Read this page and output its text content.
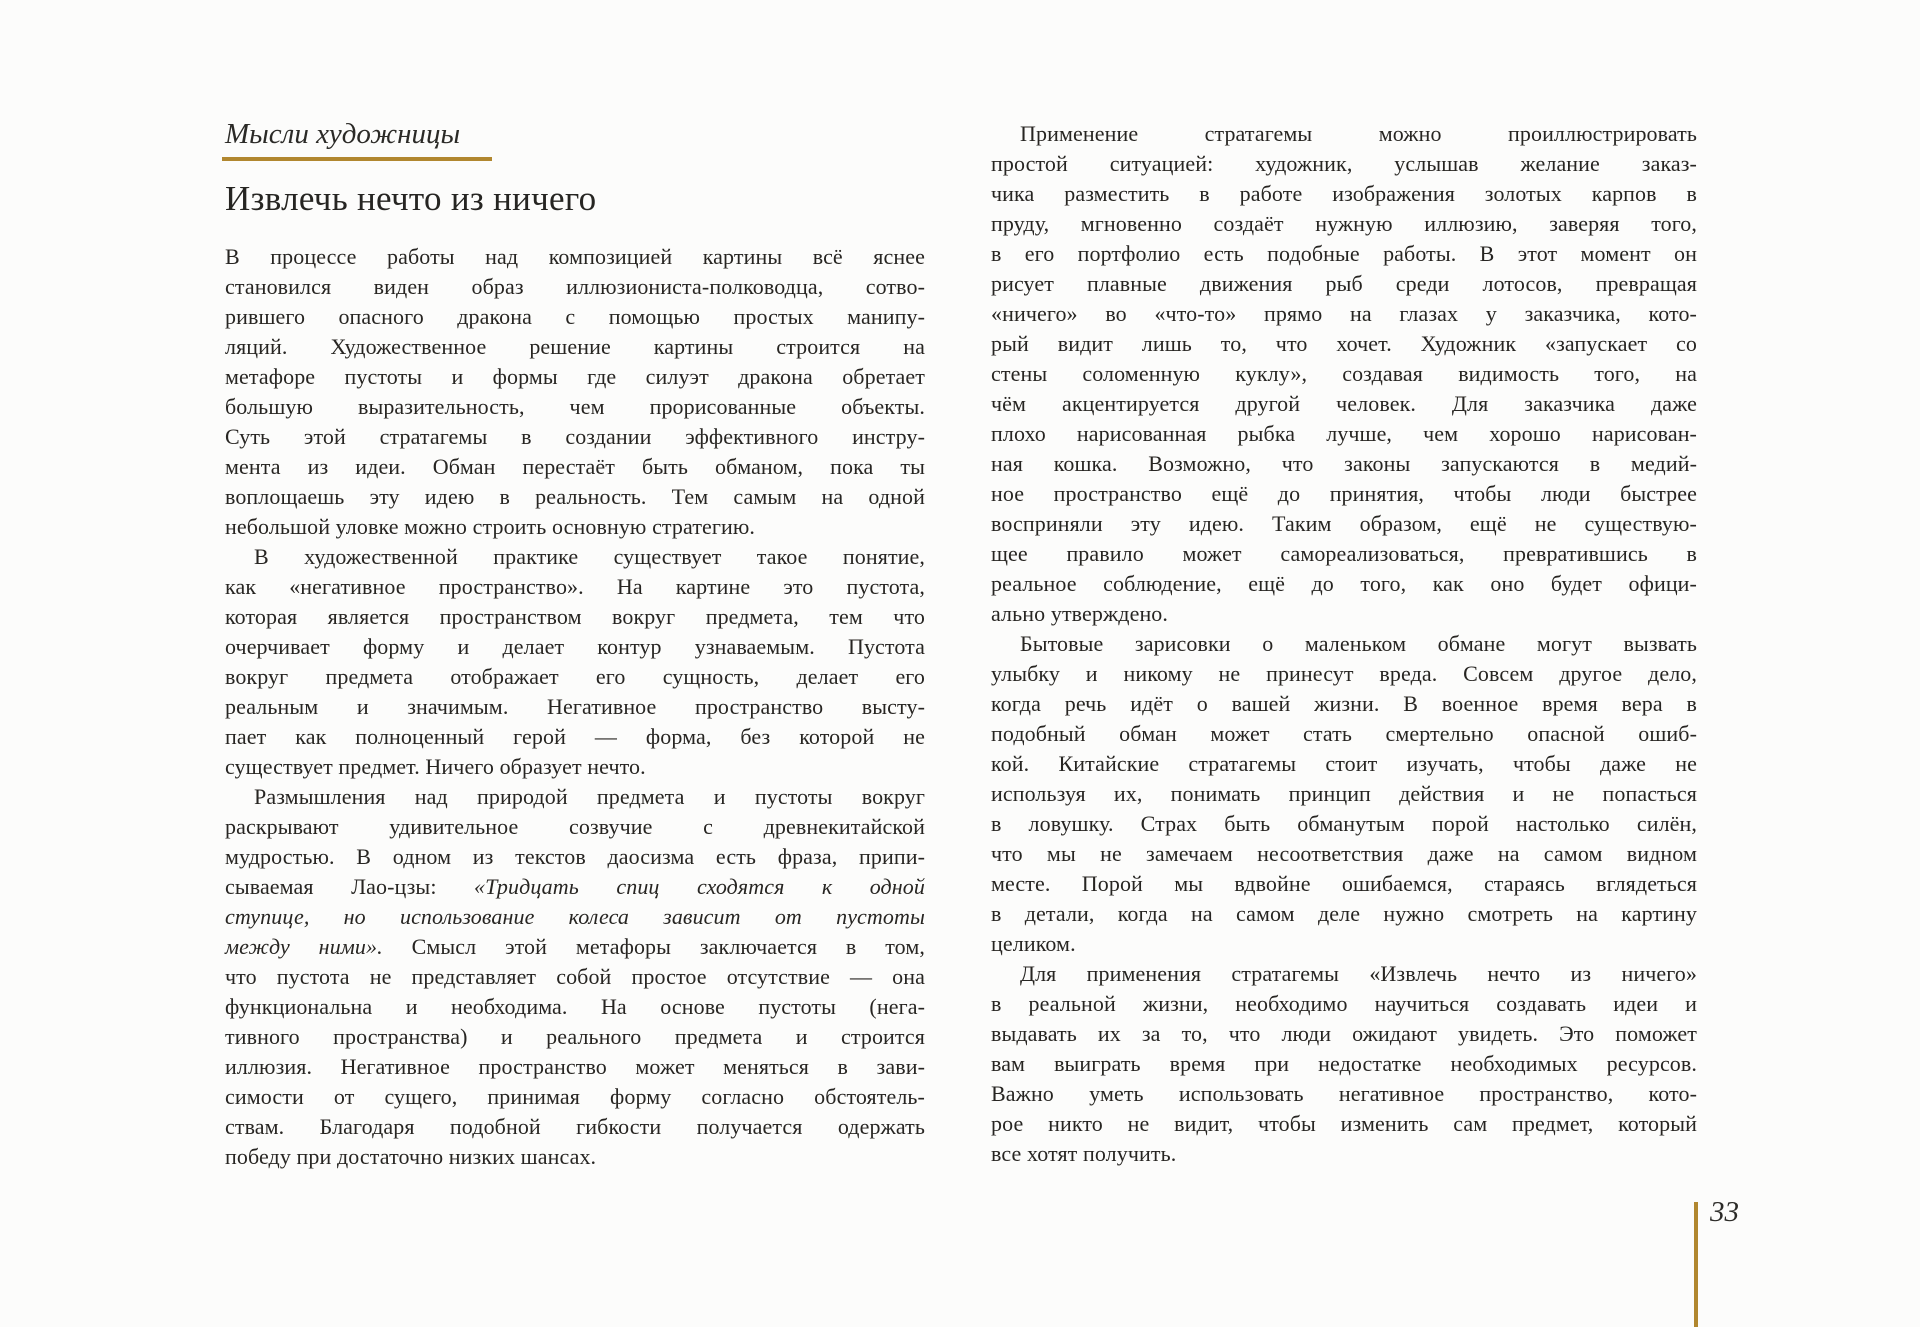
Мысли художницы
Извлечь нечто из ничего
В процессе работы над композицией картины всё яснее
становился виден образ иллюзиониста-полководца, сотво-
рившего опасного дракона с помощью простых манипу-
ляций. Художественное решение картины строится на
метафоре пустоты и формы где силуэт дракона обретает
большую выразительность, чем прорисованные объекты.
Суть этой стратагемы в создании эффективного инстру-
мента из идеи. Обман перестаёт быть обманом, пока ты
воплощаешь эту идею в реальность. Тем самым на одной
небольшой уловке можно строить основную стратегию.
В художественной практике существует такое понятие,
как «негативное пространство». На картине это пустота,
которая является пространством вокруг предмета, тем что
очерчивает форму и делает контур узнаваемым. Пустота
вокруг предмета отображает его сущность, делает его
реальным и значимым. Негативное пространство высту-
пает как полноценный герой — форма, без которой не
существует предмет. Ничего образует нечто.
Размышления над природой предмета и пустоты вокруг
раскрывают удивительное созвучие с древнекитайской
мудростью. В одном из текстов даосизма есть фраза, припи-
сываемая Лао-цзы: «Тридцать спиц сходятся к одной
ступице, но использование колеса зависит от пустоты
между ними». Смысл этой метафоры заключается в том,
что пустота не представляет собой простое отсутствие — она
функциональна и необходима. На основе пустоты (нега-
тивного пространства) и реального предмета и строится
иллюзия. Негативное пространство может меняться в зави-
симости от сущего, принимая форму согласно обстоятель-
ствам. Благодаря подобной гибкости получается одержать
победу при достаточно низких шансах.
Применение стратагемы можно проиллюстрировать
простой ситуацией: художник, услышав желание заказ-
чика разместить в работе изображения золотых карпов в
пруду, мгновенно создаёт нужную иллюзию, заверяя того,
в его портфолио есть подобные работы. В этот момент он
рисует плавные движения рыб среди лотосов, превращая
«ничего» во «что-то» прямо на глазах у заказчика, кото-
рый видит лишь то, что хочет. Художник «запускает со
стены соломенную куклу», создавая видимость того, на
чём акцентируется другой человек. Для заказчика даже
плохо нарисованная рыбка лучше, чем хорошо нарисован-
ная кошка. Возможно, что законы запускаются в медий-
ное пространство ещё до принятия, чтобы люди быстрее
восприняли эту идею. Таким образом, ещё не существую-
щее правило может самореализоваться, превратившись в
реальное соблюдение, ещё до того, как оно будет офици-
ально утверждено.
Бытовые зарисовки о маленьком обмане могут вызвать
улыбку и никому не принесут вреда. Совсем другое дело,
когда речь идёт о вашей жизни. В военное время вера в
подобный обман может стать смертельно опасной ошиб-
кой. Китайские стратагемы стоит изучать, чтобы даже не
используя их, понимать принцип действия и не попасться
в ловушку. Страх быть обманутым порой настолько силён,
что мы не замечаем несоответствия даже на самом видном
месте. Порой мы вдвойне ошибаемся, стараясь вглядеться
в детали, когда на самом деле нужно смотреть на картину
целиком.
Для применения стратагемы «Извлечь нечто из ничего»
в реальной жизни, необходимо научиться создавать идеи и
выдавать их за то, что люди ожидают увидеть. Это поможет
вам выиграть время при недостатке необходимых ресурсов.
Важно уметь использовать негативное пространство, кото-
рое никто не видит, чтобы изменить сам предмет, который
все хотят получить.
33
